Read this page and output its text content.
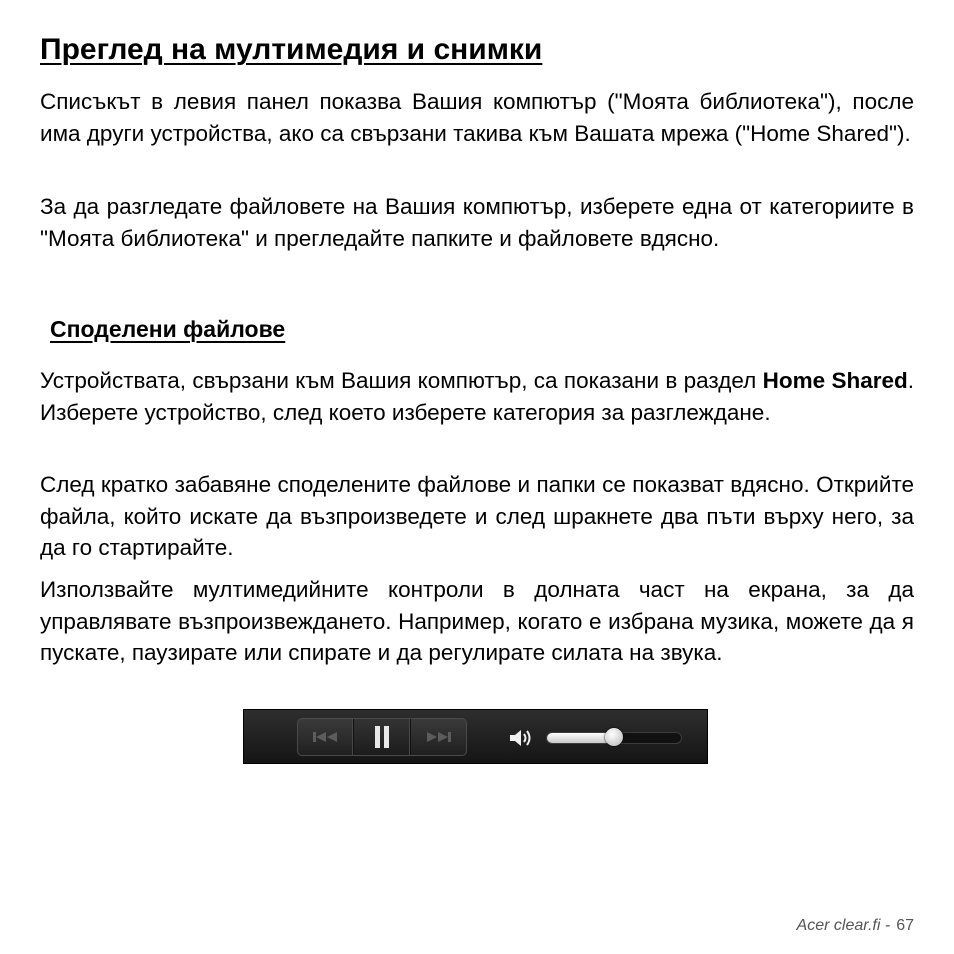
Преглед на мултимедия и снимки

Списъкът в левия панел показва Вашия компютър ("Моята библиотека"), после има други устройства, ако са свързани такива към Вашата мрежа ("Home Shared").

За да разгледате файловете на Вашия компютър, изберете една от категориите в "Моята библиотека" и прегледайте папките и файловете вдясно.

Споделени файлове

Устройствата, свързани към Вашия компютър, са показани в раздел Home Shared. Изберете устройство, след което изберете категория за разглеждане.

След кратко забавяне споделените файлове и папки се показват вдясно. Открийте файла, който искате да възпроизведете и след шракнете два пъти върху него, за да го стартирайте.

Използвайте мултимедийните контроли в долната част на екрана, за да управлявате възпроизвеждането. Например, когато е избрана музика, можете да я пускате, паузирате или спирате и да регулирате силата на звука.

Acer clear.fi - 67
